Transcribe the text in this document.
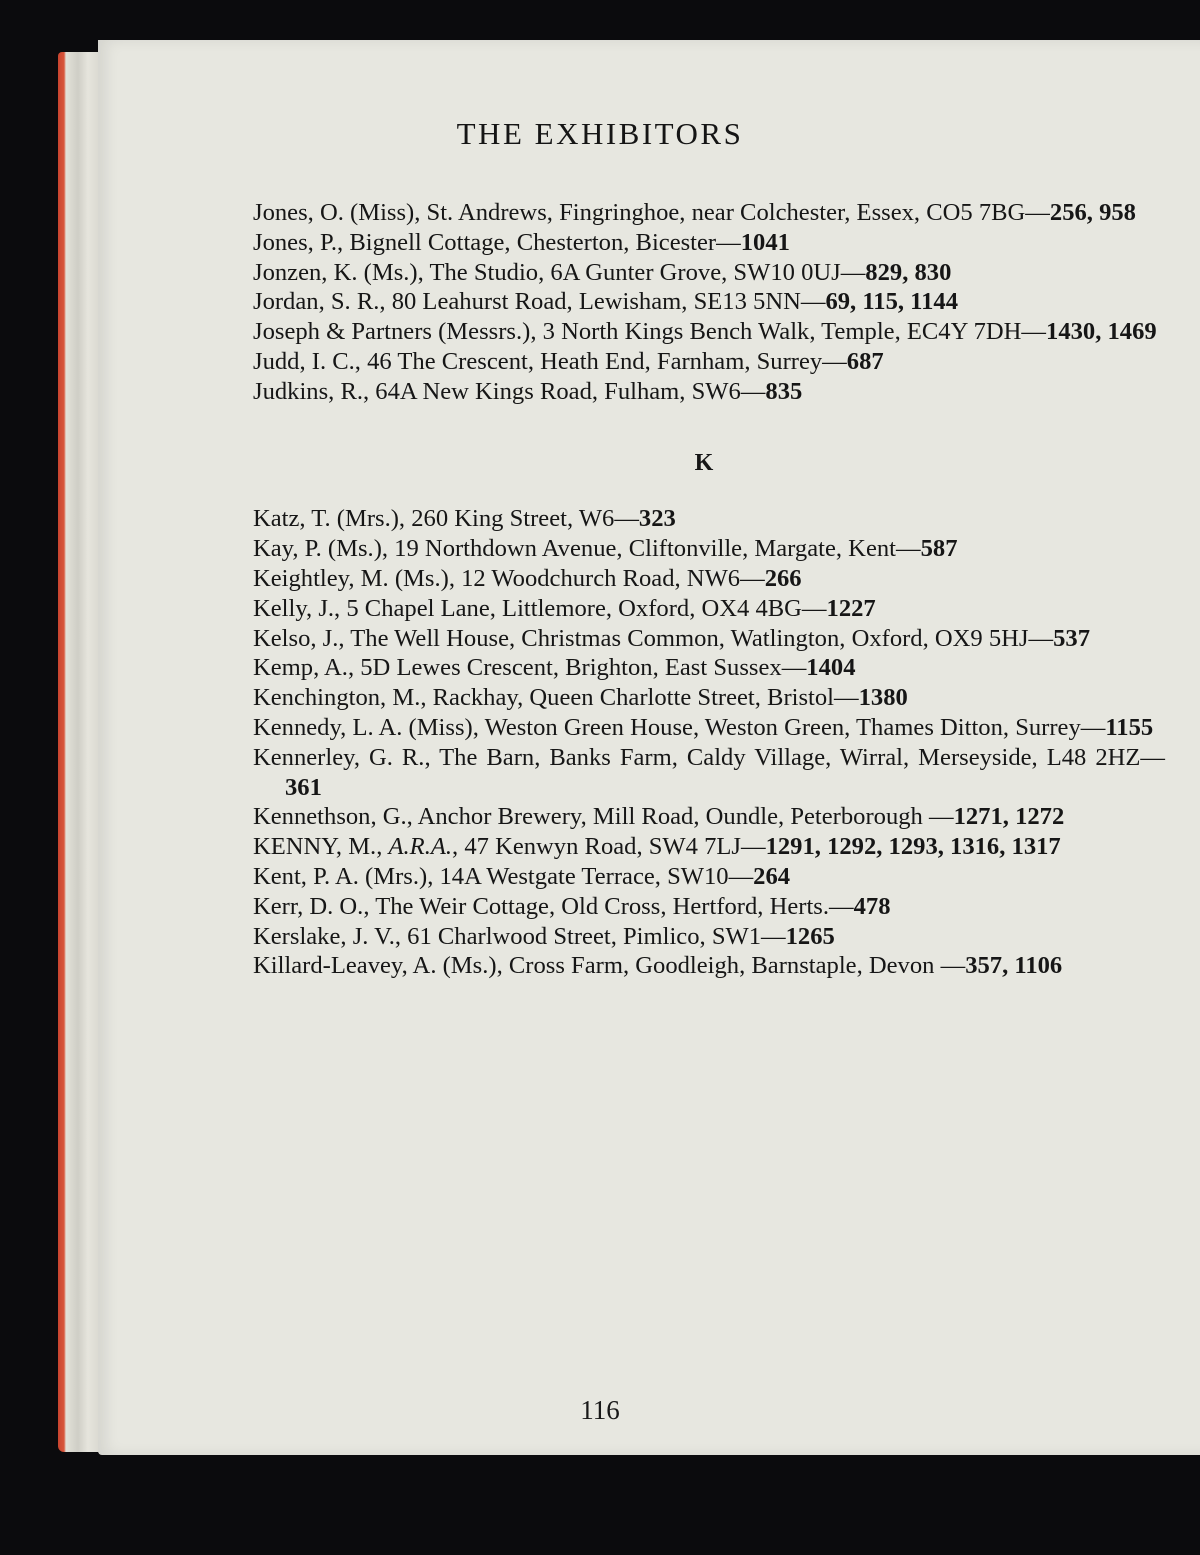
THE EXHIBITORS

Jones, O. (Miss), St. Andrews, Fingringhoe, near Colchester, Essex, CO5 7BG—256, 958

Jones, P., Bignell Cottage, Chesterton, Bicester—1041

Jonzen, K. (Ms.), The Studio, 6A Gunter Grove, SW10 0UJ—829, 830

Jordan, S. R., 80 Leahurst Road, Lewisham, SE13 5NN—69, 115, 1144

Joseph & Partners (Messrs.), 3 North Kings Bench Walk, Temple, EC4Y 7DH—1430, 1469

Judd, I. C., 46 The Crescent, Heath End, Farnham, Surrey—687

Judkins, R., 64A New Kings Road, Fulham, SW6—835

K

Katz, T. (Mrs.), 260 King Street, W6—323

Kay, P. (Ms.), 19 Northdown Avenue, Cliftonville, Margate, Kent—587

Keightley, M. (Ms.), 12 Woodchurch Road, NW6—266

Kelly, J., 5 Chapel Lane, Littlemore, Oxford, OX4 4BG—1227

Kelso, J., The Well House, Christmas Common, Watlington, Oxford, OX9 5HJ—537

Kemp, A., 5D Lewes Crescent, Brighton, East Sussex—1404

Kenchington, M., Rackhay, Queen Charlotte Street, Bristol—1380

Kennedy, L. A. (Miss), Weston Green House, Weston Green, Thames Ditton, Surrey—1155

Kennerley, G. R., The Barn, Banks Farm, Caldy Village, Wirral, Merseyside, L48 2HZ—361

Kennethson, G., Anchor Brewery, Mill Road, Oundle, Peterborough —1271, 1272

KENNY, M., A.R.A., 47 Kenwyn Road, SW4 7LJ—1291, 1292, 1293, 1316, 1317

Kent, P. A. (Mrs.), 14A Westgate Terrace, SW10—264

Kerr, D. O., The Weir Cottage, Old Cross, Hertford, Herts.—478

Kerslake, J. V., 61 Charlwood Street, Pimlico, SW1—1265

Killard-Leavey, A. (Ms.), Cross Farm, Goodleigh, Barnstaple, Devon —357, 1106

116
